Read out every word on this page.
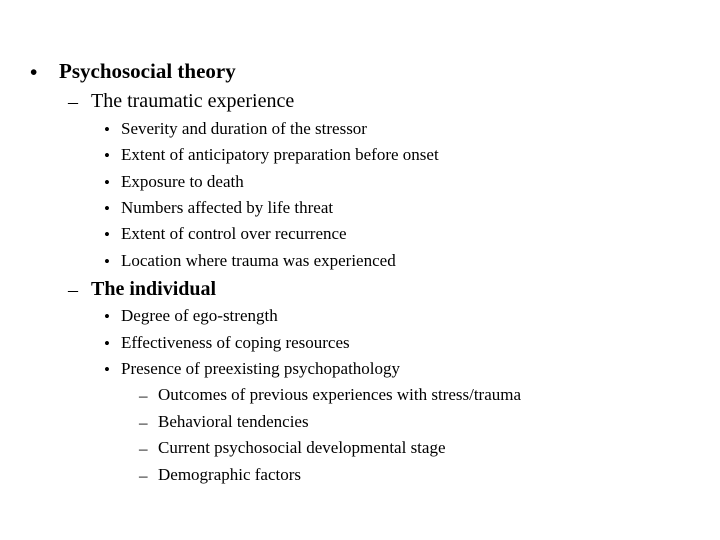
• Psychosocial theory
– The traumatic experience
• Severity and duration of the stressor
• Extent of anticipatory preparation before onset
• Exposure to death
• Numbers affected by life threat
• Extent of control over recurrence
• Location where trauma was experienced
– The individual
• Degree of ego-strength
• Effectiveness of coping resources
• Presence of preexisting psychopathology
– Outcomes of previous experiences with stress/trauma
– Behavioral tendencies
– Current psychosocial developmental stage
– Demographic factors
